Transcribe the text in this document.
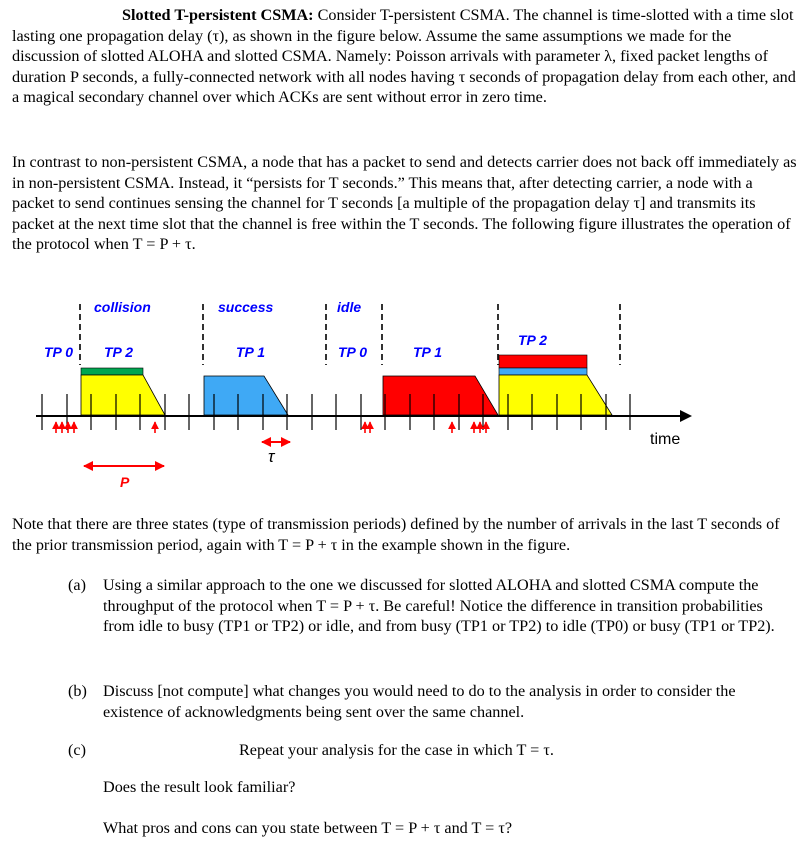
Slotted T-persistent CSMA: Consider T-persistent CSMA. The channel is time-slotted with a time slot lasting one propagation delay (τ), as shown in the figure below. Assume the same assumptions we made for the discussion of slotted ALOHA and slotted CSMA. Namely: Poisson arrivals with parameter λ, fixed packet lengths of duration P seconds, a fully-connected network with all nodes having τ seconds of propagation delay from each other, and a magical secondary channel over which ACKs are sent without error in zero time.
In contrast to non-persistent CSMA, a node that has a packet to send and detects carrier does not back off immediately as in non-persistent CSMA. Instead, it “persists for T seconds.” This means that, after detecting carrier, a node with a packet to send continues sensing the channel for T seconds [a multiple of the propagation delay τ] and transmits its packet at the next time slot that the channel is free within the T seconds. The following figure illustrates the operation of the protocol when T = P + τ.
collision	success	idle
TP 0 TP 2	TP 1	TP 0	TP 1
TP 2
time
τ
P
Note that there are three states (type of transmission periods) defined by the number of arrivals in the last T seconds of the prior transmission period, again with T = P + τ in the example shown in the figure.
(a) Using a similar approach to the one we discussed for slotted ALOHA and slotted CSMA compute the throughput of the protocol when T = P + τ. Be careful! Notice the difference in transition probabilities from idle to busy (TP1 or TP2) or idle, and from busy (TP1 or TP2) to idle (TP0) or busy (TP1 or TP2).
(b) Discuss [not compute] what changes you would need to do to the analysis in order to consider the existence of acknowledgments being sent over the same channel.
(c)	Repeat your analysis for the case in which T = τ.
Does the result look familiar?
What pros and cons can you state between T = P + τ and T = τ?
